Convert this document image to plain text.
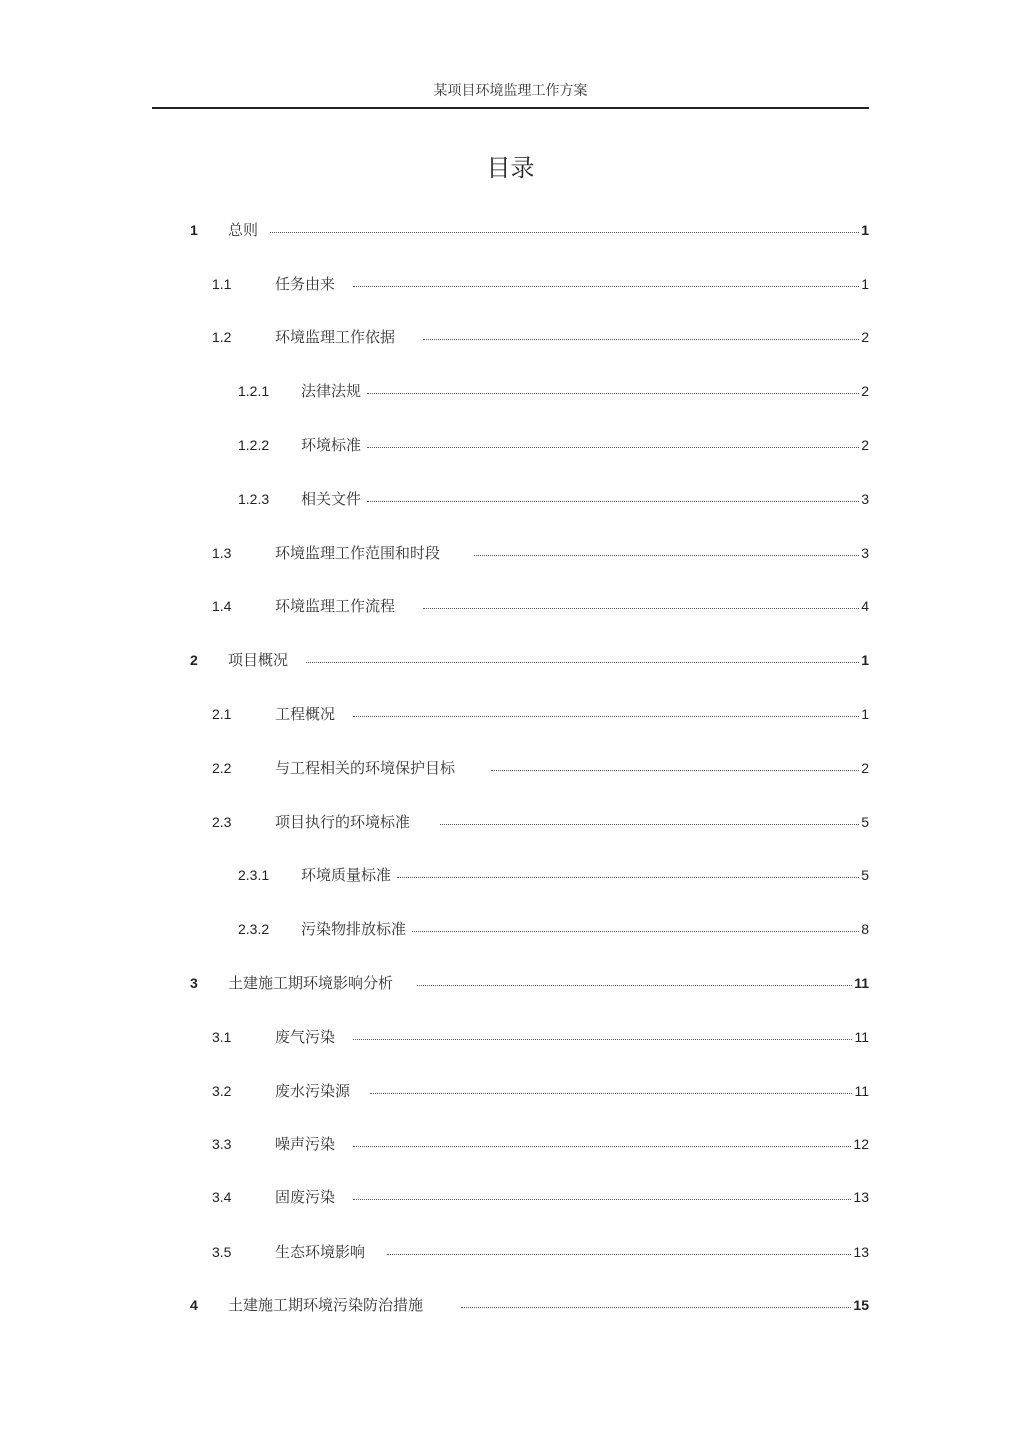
某项目环境监理工作方案
目录
1	总则	1
1.1	任务由来	1
1.2	环境监理工作依据	2
1.2.1	法律法规	2
1.2.2	环境标准	2
1.2.3	相关文件	3
1.3	环境监理工作范围和时段	3
1.4	环境监理工作流程	4
2	项目概况	1
2.1	工程概况	1
2.2	与工程相关的环境保护目标	2
2.3	项目执行的环境标准	5
2.3.1	环境质量标准	5
2.3.2	污染物排放标准	8
3	土建施工期环境影响分析	11
3.1	废气污染	11
3.2	废水污染源	11
3.3	噪声污染	12
3.4	固废污染	13
3.5	生态环境影响	13
4	土建施工期环境污染防治措施	15
